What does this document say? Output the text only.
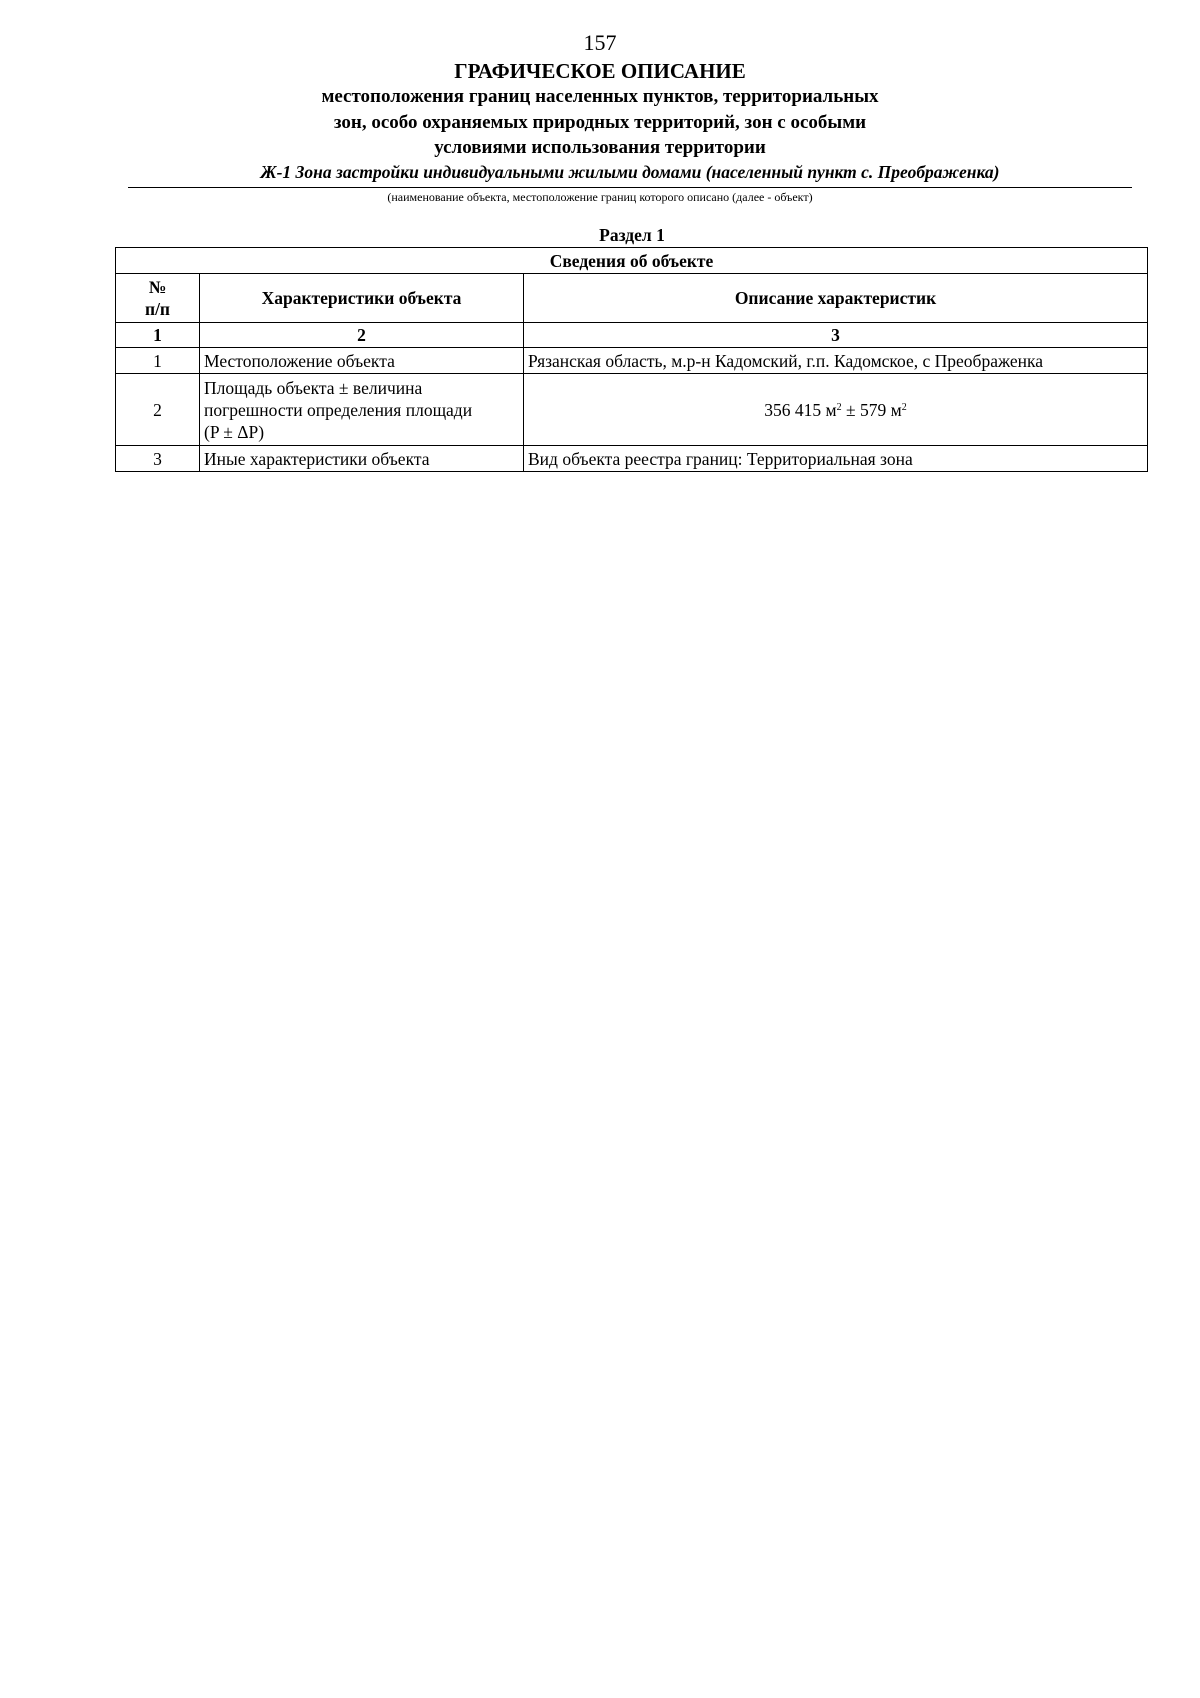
157
ГРАФИЧЕСКОЕ ОПИСАНИЕ
местоположения границ населенных пунктов, территориальных
зон, особо охраняемых природных территорий, зон с особыми
условиями использования территории
Ж-1 Зона застройки индивидуальными жилыми домами (населенный пункт с. Преображенка)
(наименование объекта, местоположение границ которого описано (далее - объект)
Раздел 1
Сведения об объекте		
№
п/п	Характеристики объекта	Описание характеристик
1	2	3
1	Местоположение объекта	Рязанская область, м.р-н Кадомский, г.п. Кадомское, с Преображенка
2	Площадь объекта ± величина
погрешности определения площади
(P ± ΔP)	356 415 $м^2 \pm 579$ $м^2$
3	Иные характеристики объекта	Вид объекта реестра границ: Территориальная зона
